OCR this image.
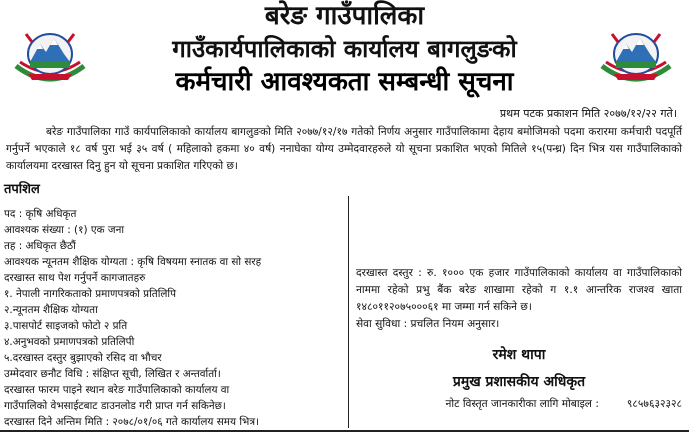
बरेङ गाउँपालिका
गाउँकार्यपालिकाको कार्यालय बागलुङको
कर्मचारी आवश्यकता सम्बन्धी सूचना
प्रथम पटक प्रकाशन मिति २०७७/१२/२२ गते।
बरेङ गाउँपालिका गाउँ कार्यपालिकाको कार्यालय बागलुङको मिति २०७७/१२/१७ गतेको निर्णय अनुसार गाउँपालिकामा देहाय बमोजिमको पदमा करारमा कर्मचारी पदपूर्ति गर्नुपर्ने भएकाले १८ वर्ष पुरा भई ३५ वर्ष ( महिलाको हकमा ४० वर्ष) ननाघेका योग्य उम्मेदवारहरुले यो सूचना प्रकाशित भएको मितिले १५(पन्ध्र) दिन भित्र यस गाउँपालिकाको कार्यालयमा दरखास्त दिनु हुन यो सूचना प्रकाशित गरिएको छ।
तपशिल
पद : कृषि अधिकृत
आवश्यक संख्या : (१) एक जना
तह : अधिकृत छैठौं
आवश्यक न्यूनतम शैक्षिक योग्यता : कृषि विषयमा स्नातक वा सो सरह
दरखास्त साथ पेश गर्नुपर्ने कागजातहरु
१. नेपाली नागरिकताको प्रमाणपत्रको प्रतिलिपि
२.न्यूनतम शैक्षिक योग्यता
३.पासपोर्ट साइजको फोटो २ प्रति
४.अनुभवको प्रमाणपत्रको प्रतिलिपी
५.दरखास्त दस्तुर बुझाएको रसिद वा भौचर
उम्मेदवार छनौट विधि : संक्षिप्त सूची, लिखित र अन्तर्वार्ता।
दरखास्त फारम पाइने स्थान बरेङ गाउँपालिकाको कार्यालय वा
गाउँपालिको वेभसाईटबाट डाउनलोड गरी प्राप्त गर्न सकिनेछ।
दरखास्त दिने अन्तिम मिति : २०७८/०१/०६ गते कार्यालय समय भित्र।
दरखास्त दस्तुर : रु. १००० एक हजार गाउँपालिकाको कार्यालय वा गाउँपालिकाको नाममा रहेको प्रभु बैंक बरेङ शाखामा रहेको ग १.१ आन्तरिक राजश्व खाता १४८०११२०७५०००६१ मा जम्मा गर्न सकिने छ।
सेवा सुविधा : प्रचलित नियम अनुसार।
रमेश थापा
प्रमुख प्रशासकीय अधिकृत
नोट विस्तृत जानकारीका लागि मोबाइल :	९८५७६३२३२८
